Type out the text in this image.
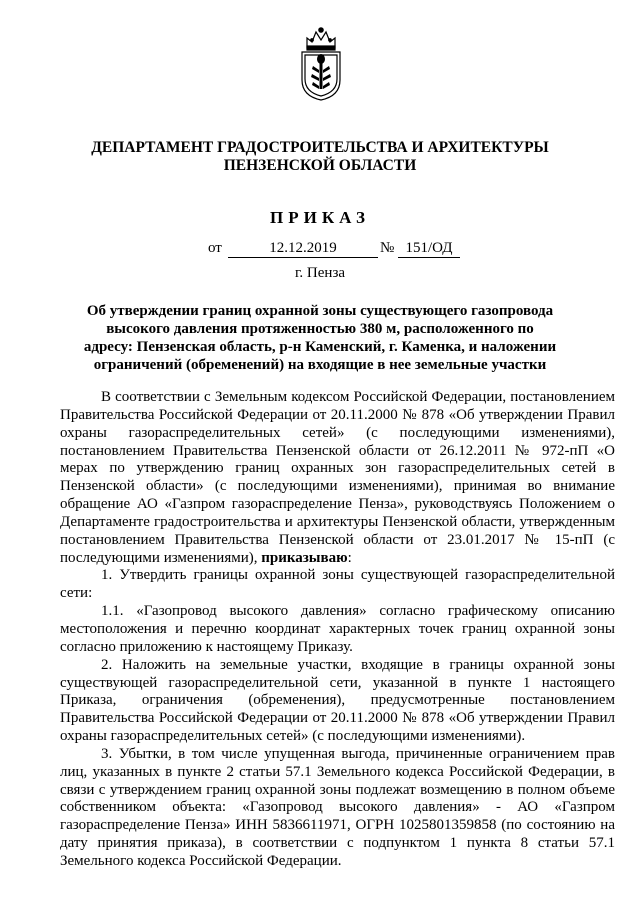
ДЕПАРТАМЕНТ ГРАДОСТРОИТЕЛЬСТВА И АРХИТЕКТУРЫ
ПЕНЗЕНСКОЙ ОБЛАСТИ
ПРИКАЗ
от	12.12.2019	№ 151/ОД
г. Пенза
Об утверждении границ охранной зоны существующего газопровода высокого давления протяженностью 380 м, расположенного по адресу: Пензенская область, р-н Каменский, г. Каменка, и наложении ограничений (обременений) на входящие в нее земельные участки

В соответствии с Земельным кодексом Российской Федерации, постановлением Правительства Российской Федерации от 20.11.2000 № 878 «Об утверждении Правил охраны газораспределительных сетей» (с последующими изменениями), постановлением Правительства Пензенской области от 26.12.2011 № 972-пП «О мерах по утверждению границ охранных зон газораспределительных сетей в Пензенской области» (с последующими изменениями), принимая во внимание обращение АО «Газпром газораспределение Пенза», руководствуясь Положением о Департаменте градостроительства и архитектуры Пензенской области, утвержденным постановлением Правительства Пензенской области от 23.01.2017 № 15-пП (с последующими изменениями), приказываю:

1. Утвердить границы охранной зоны существующей газораспределительной сети:

1.1. «Газопровод высокого давления» согласно графическому описанию местоположения и перечню координат характерных точек границ охранной зоны согласно приложению к настоящему Приказу.

2. Наложить на земельные участки, входящие в границы охранной зоны существующей газораспределительной сети, указанной в пункте 1 настоящего Приказа, ограничения (обременения), предусмотренные постановлением Правительства Российской Федерации от 20.11.2000 № 878 «Об утверждении Правил охраны газораспределительных сетей» (с последующими изменениями).

3. Убытки, в том числе упущенная выгода, причиненные ограничением прав лиц, указанных в пункте 2 статьи 57.1 Земельного кодекса Российской Федерации, в связи с утверждением границ охранной зоны подлежат возмещению в полном объеме собственником объекта: «Газопровод высокого давления» - АО «Газпром газораспределение Пенза» ИНН 5836611971, ОГРН 1025801359858 (по состоянию на дату принятия приказа), в соответствии с подпунктом 1 пункта 8 статьи 57.1 Земельного кодекса Российской Федерации.
